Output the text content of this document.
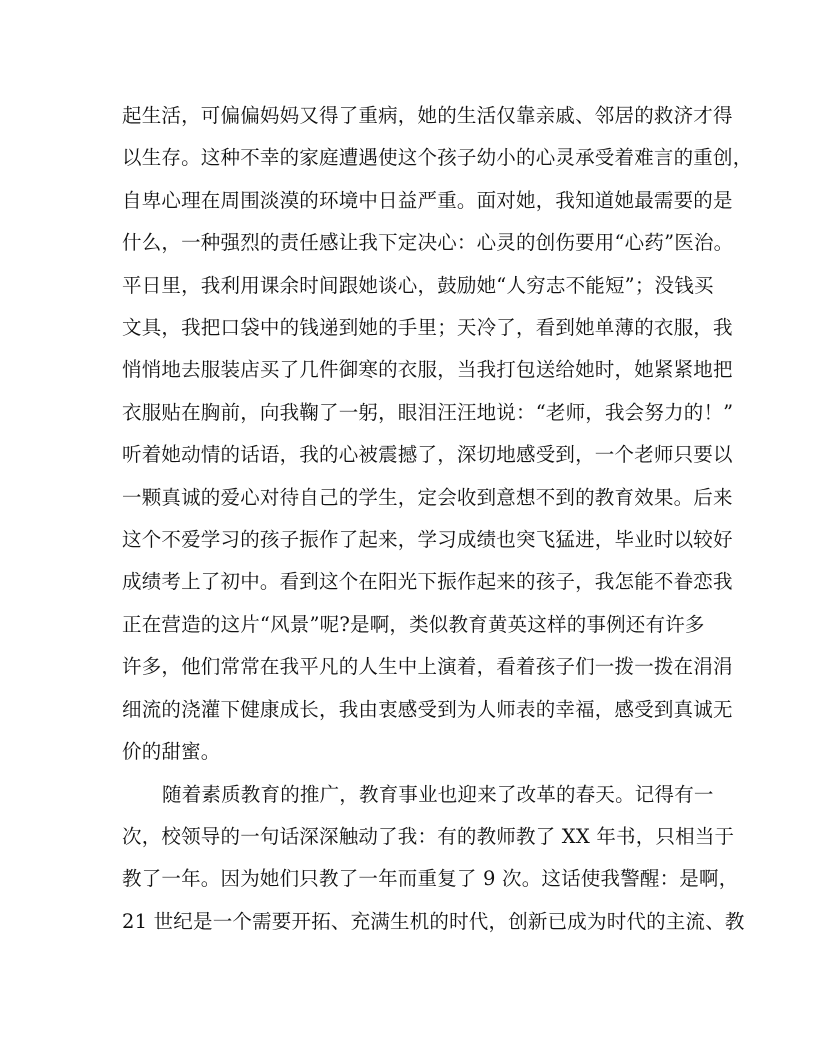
起生活，可偏偏妈妈又得了重病，她的生活仅靠亲戚、邻居的救济才得

以生存。这种不幸的家庭遭遇使这个孩子幼小的心灵承受着难言的重创，

自卑心理在周围淡漠的环境中日益严重。面对她，我知道她最需要的是

什么，一种强烈的责任感让我下定决心：心灵的创伤要用“心药”医治。

平日里，我利用课余时间跟她谈心，鼓励她“人穷志不能短”；没钱买

文具，我把口袋中的钱递到她的手里；天冷了，看到她单薄的衣服，我

悄悄地去服装店买了几件御寒的衣服，当我打包送给她时，她紧紧地把

衣服贴在胸前，向我鞠了一躬，眼泪汪汪地说：“老师，我会努力的！”

听着她动情的话语，我的心被震撼了，深切地感受到，一个老师只要以

一颗真诚的爱心对待自己的学生，定会收到意想不到的教育效果。后来

这个不爱学习的孩子振作了起来，学习成绩也突飞猛进，毕业时以较好

成绩考上了初中。看到这个在阳光下振作起来的孩子，我怎能不眷恋我

正在营造的这片“风景”呢?是啊，类似教育黄英这样的事例还有许多

许多，他们常常在我平凡的人生中上演着，看着孩子们一拨一拨在涓涓

细流的浇灌下健康成长，我由衷感受到为人师表的幸福，感受到真诚无

价的甜蜜。

随着素质教育的推广，教育事业也迎来了改革的春天。记得有一

次，校领导的一句话深深触动了我：有的教师教了 XX 年书，只相当于

教了一年。因为她们只教了一年而重复了 9 次。这话使我警醒：是啊，

21 世纪是一个需要开拓、充满生机的时代，创新已成为时代的主流、教
